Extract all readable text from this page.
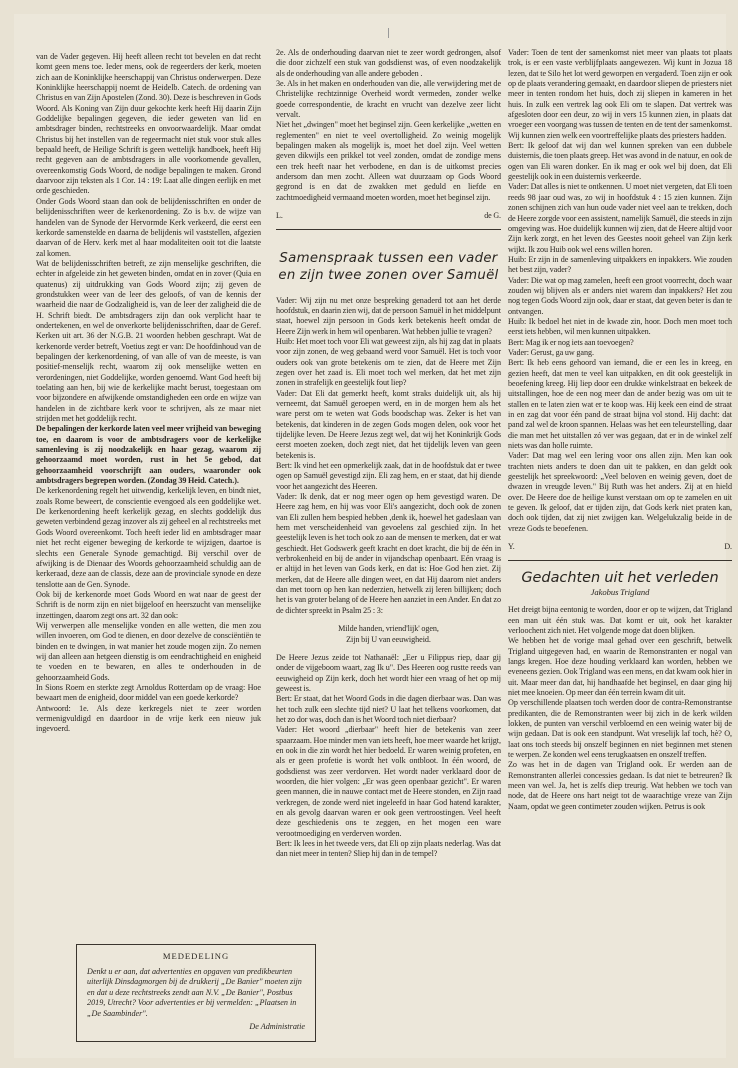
van de Vader gegeven. Hij heeft alleen recht tot bevelen en dat recht komt geen mens toe. Ieder mens, ook de regeerders der kerk, moeten zich aan de Koninklijke heerschappij van Christus onderwerpen. Deze Koninklijke heerschappij noemt de Heidelb. Catech. de ordening van Christus en van Zijn Apostelen (Zond. 30). Deze is beschreven in Gods Woord. Als Koning van Zijn duur gekochte kerk heeft Hij daarin Zijn Goddelijke bepalingen gegeven, die ieder geweten van lid en ambtsdrager binden, rechtstreeks en onvoorwaardelijk. Maar omdat Christus bij het instellen van de regeermacht niet stuk voor stuk alles bepaald heeft, de Heilige Schrift is geen wettelijk handboek, heeft Hij recht gegeven aan de ambtsdragers in alle voorkomende gevallen, overeenkomstig Gods Woord, de nodige bepalingen te maken. Grond daarvoor zijn teksten als 1 Cor. 14 : 19: Laat alle dingen eerlijk en met orde geschieden.

Onder Gods Woord staan dan ook de belijdenisschriften en onder de belijdenisschriften weer de kerkenordening. Zo is b.v. de wijze van handelen van de Synode der Hervormde Kerk verkeerd, die eerst een kerkorde samenstelde en daarna de belijdenis wil vaststellen, afgezien daarvan of de Herv. kerk met al haar modaliteiten ooit tot die laatste zal komen.

Wat de belijdenisschriften betreft, ze zijn menselijke geschriften, die echter in afgeleide zin het geweten binden, omdat en in zover (Quia en quatenus) zij uitdrukking van Gods Woord zijn; zij geven de grondstukken weer van de leer des geloofs, of van de kennis der waarheid die naar de Godzaligheid is, van de leer der zaligheid die de H. Schrift biedt. De ambtsdragers zijn dan ook verplicht haar te ondertekenen, en wel de onverkorte belijdenisschriften, daar de Geref. Kerken uit art. 36 der N.G.B. 21 woorden hebben geschrapt. Wat de kerkenorde verder betreft, Voetius zegt er van: De hoofdinhoud van de bepalingen der kerkenordening, of van alle of van de meeste, is van positief-menselijk recht, waarom zij ook menselijke wetten en verordeningen, niet Goddelijke, worden genoemd. Want God heeft bij toelating aan hen, bij wie de kerkelijke macht berust, toegestaan om voor bijzondere en afwijkende omstandigheden een orde en wijze van handelen in de zichtbare kerk voor te schrijven, als ze maar niet strijden met het goddelijk recht.

De bepalingen der kerkorde laten veel meer vrijheid van beweging toe, en daarom is voor de ambtsdragers voor de kerkelijke samenleving is zij noodzakelijk en haar gezag, waarom zij gehoorzaamd moet worden, rust in het 5e gebod, dat gehoorzaamheid voorschrijft aan ouders, waaronder ook ambtsdragers begrepen worden. (Zondag 39 Heid. Catech.).

De kerkenordening regelt het uitwendig, kerkelijk leven, en bindt niet, zoals Rome beweert, de conscientie evengoed als een goddelijke wet. De kerkenordening heeft kerkelijk gezag, en slechts goddelijk dus geweten verbindend gezag inzover als zij geheel en al rechtstreeks met Gods Woord overeenkomt. Toch heeft ieder lid en ambtsdrager maar niet het recht eigener beweging de kerkorde te wijzigen, daartoe is slechts een Generale Synode gemachtigd. Bij verschil over de afwijking is de Dienaar des Woords gehoorzaamheid schuldig aan de kerkeraad, deze aan de classis, deze aan de provinciale synode en deze tenslotte aan de Gen. Synode.

Ook bij de kerkenorde moet Gods Woord en wat naar de geest der Schrift is de norm zijn en niet bijgeloof en heerszucht van menselijke inzettingen, daarom zegt ons art. 32 dan ook:

Wij verwerpen alle menselijke vonden en alle wetten, die men zou willen invoeren, om God te dienen, en door dezelve de consciëntiën te binden en te dwingen, in wat manier het zoude mogen zijn. Zo nemen wij dan alleen aan hetgeen dienstig is om eendrachtigheid en enigheid te voeden en te bewaren, en alles te onderhouden in de gehoorzaamheid Gods.

In Sions Roem en sterkte zegt Arnoldus Rotterdam op de vraag: Hoe bewaart men de enigheid, door middel van een goede kerkorde?

Antwoord: 1e. Als deze kerkregels niet te zeer worden vermenigvuldigd en daardoor in de vrije kerk een nieuw juk ingevoerd.

MEDEDELING
Denkt u er aan, dat advertenties en opgaven van predikbeurten uiterlijk Dinsdagmorgen bij de drukkerij „De Banier" moeten zijn en dat u deze rechtstreeks zendt aan N.V. „De Banier", Postbus 2019, Utrecht? Voor advertenties er bij vermelden: „Plaatsen in „De Saambinder".
De Administratie

2e. Als de onderhouding daarvan niet te zeer wordt gedrongen, alsof die door zichzelf een stuk van godsdienst was, of even noodzakelijk als de onderhouding van alle andere geboden .

3e. Als in het maken en onderhouden van die, alle verwijdering met de Christelijke rechtzinnige Overheid wordt vermeden, zonder welke goede correspondentie, de kracht en vrucht van dezelve zeer licht vervalt.

Niet het „dwingen" moet het beginsel zijn. Geen kerkelijke „wetten en reglementen" en niet te veel overtolligheid. Zo weinig mogelijk bepalingen maken als mogelijk is, moet het doel zijn. Veel wetten geven dikwijls een prikkel tot veel zonden, omdat de zondige mens een trek heeft naar het verbodene, en dan is de uitkomst precies andersom dan men zocht. Alleen wat duurzaam op Gods Woord gegrond is en dat de zwakken met geduld en liefde en zachtmoedigheid vermaand moeten worden, moet het beginsel zijn.

L.	de G.
Samenspraak tussen een vader en zijn twee zonen over Samuël

Vader: Wij zijn nu met onze bespreking genaderd tot aan het derde hoofdstuk, en daarin zien wij, dat de persoon Samuël in het middelpunt staat, hoewel zijn persoon in Gods kerk betekenis heeft omdat de Heere Zijn werk in hem wil openbaren. Wat hebben jullie te vragen?

Huib: Het moet toch voor Eli wat geweest zijn, als hij zag dat in plaats voor zijn zonen, de weg gebaand werd voor Samuël. Het is toch voor ouders ook van grote betekenis om te zien, dat de Heere met Zijn zegen over het zaad is. Eli moet toch wel merken, dat het met zijn zonen in strafelijk en geestelijk fout liep?

Vader: Dat Eli dat gemerkt heeft, komt straks duidelijk uit, als hij verneemt, dat Samuël geroepen werd, en in de morgen hem als het ware perst om te weten wat Gods boodschap was. Zeker is het van betekenis, dat kinderen in de zegen Gods mogen delen, ook voor het tijdelijke leven. De Heere Jezus zegt wel, dat wij het Koninkrijk Gods eerst moeten zoeken, doch zegt niet, dat het tijdelijk leven van geen betekenis is.

Bert: Ik vind het een opmerkelijk zaak, dat in de hoofdstuk dat er twee ogen op Samuël gevestigd zijn. Eli zag hem, en er staat, dat hij diende voor het aangezicht des Heeren.

Vader: Ik denk, dat er nog meer ogen op hem gevestigd waren. De Heere zag hem, en hij was voor Eli's aangezicht, doch ook de zonen van Eli zullen hem bespied hebben ,denk ik, hoewel het gadeslaan van hem met verscheidenheid van gevoelens zal geschied zijn. In het geestelijk leven is het toch ook zo aan de mensen te merken, dat er wat geschiedt. Het Godswerk geeft kracht en doet kracht, die bij de één in verbrokenheid en bij de ander in vijandschap openbaart. Eén vraag is er altijd in het leven van Gods kerk, en dat is: Hoe God hen ziet. Zij merken, dat de Heere alle dingen weet, en dat Hij daarom niet anders dan met toorn op hen kan nederzien, hetwelk zij leren billijken; doch het is van groter belang of de Heere hen aanziet in een Ander. En dat zo de dichter spreekt in Psalm 25 : 3:

Milde handen, vriend'lijk' ogen,
Zijn bij U van eeuwigheid.

De Heere Jezus zeide tot Nathanaël: „Eer u Filippus riep, daar gij onder de vijgeboom waart, zag Ik u". Des Heeren oog rustte reeds van eeuwigheid op Zijn kerk, doch het wordt hier een vraag of het op mij geweest is.

Bert: Er staat, dat het Woord Gods in die dagen dierbaar was. Dan was het toch zulk een slechte tijd niet? U laat het telkens voorkomen, dat het zo dor was, doch dan is het Woord toch niet dierbaar?

Vader: Het woord „dierbaar" heeft hier de betekenis van zeer spaarzaam. Hoe minder men van iets heeft, hoe meer waarde het krijgt, en ook in die zin wordt het hier bedoeld. Er waren weinig profeten, en als er geen profetie is wordt het volk ontbloot. In één woord, de godsdienst was zeer verdorven. Het wordt nader verklaard door de woorden, die hier volgen: „Er was geen openbaar gezicht". Er waren geen mannen, die in nauwe contact met de Heere stonden, en Zijn raad verkregen, de zonde werd niet ingeleefd in haar God hatend karakter, en als gevolg daarvan waren er ook geen vertroostingen. Veel heeft deze geschiedenis ons te zeggen, en het mogen een ware verootmoediging en verderven worden.

Bert: Ik lees in het tweede vers, dat Eli op zijn plaats nederlag. Was dat dan niet meer in tenten? Sliep hij dan in de tempel?

Vader: Toen de tent der samenkomst niet meer van plaats tot plaats trok, is er een vaste verblijfplaats aangewezen. Wij kunt in Jozua 18 lezen, dat te Silo het lot werd geworpen en vergaderd. Toen zijn er ook op de plaats verandering gemaakt, en daardoor sliepen de priesters niet meer in tenten rondom het huis, doch zij sliepen in kameren in het huis. In zulk een vertrek lag ook Eli om te slapen. Dat vertrek was afgesloten door een deur, zo wij in vers 15 kunnen zien, in plaats dat vroeger een voorgang was tussen de tenten en de tent der samenkomst. Wij kunnen zien welk een voortreffelijke plaats des priesters hadden.

Bert: Ik geloof dat wij dan wel kunnen spreken van een dubbele duisternis, die toen plaats greep. Het was avond in de natuur, en ook de ogen van Eli waren donker. En ik mag er ook wel bij doen, dat Eli geestelijk ook in een duisternis verkeerde.

Vader: Dat alles is niet te ontkennen. U moet niet vergeten, dat Eli toen reeds 98 jaar oud was, zo wij in hoofdstuk 4 : 15 zien kunnen. Zijn zonen schijnen zich van hun oude vader niet veel aan te trekken, doch de Heere zorgde voor een assistent, namelijk Samuël, die steeds in zijn omgeving was. Hoe duidelijk kunnen wij zien, dat de Heere altijd voor Zijn kerk zorgt, en het leven des Geestes nooit geheel van Zijn kerk wijkt. Ik zou Huib ook wel eens willen horen.

Huib: Er zijn in de samenleving uitpakkers en inpakkers. Wie zouden het best zijn, vader?

Vader: Die wat op mag zamelen, heeft een groot voorrecht, doch waar zouden wij blijven als er anders niet warem dan inpakkers? Het zou nog tegen Gods Woord zijn ook, daar er staat, dat geven beter is dan te ontvangen.

Huib: Ik bedoel het niet in de kwade zin, hoor. Doch men moet toch eerst iets hebben, wil men kunnen uitpakken.

Bert: Mag ik er nog iets aan toevoegen?

Vader: Gerust, ga uw gang.

Bert: Ik heb eens gehoord van iemand, die er een les in kreeg, en gezien heeft, dat men te veel kan uitpakken, en dit ook geestelijk in beoefening kreeg. Hij liep door een drukke winkelstraat en bekeek de uitstallingen, hoe de een nog meer dan de ander bezig was om uit te stallen en te laten zien wat er te koop was. Hij keek een eind de straat in en zag dat voor één pand de straat bijna vol stond. Hij dacht: dat pand zal wel de kroon spannen. Helaas was het een teleurstelling, daar die man met het uitstallen zó ver was gegaan, dat er in de winkel zelf niets was dan holle ruimte.

Vader: Dat mag wel een lering voor ons allen zijn. Men kan ook trachten niets anders te doen dan uit te pakken, en dan geldt ook geestelijk het spreekwoord: „Veel beloven en weinig geven, doet de dwazen in vreugde leven." Bij Ruth was het anders. Zij at en hield over. De Heere doe de heilige kunst verstaan om op te zamelen en uit te geven. Ik geloof, dat er tijden zijn, dat Gods kerk niet praten kan, doch ook tijden, dat zij niet zwijgen kan. Welgelukzalig beide in de vreze Gods te beoefenen.

Y.	D.
Gedachten uit het verleden
Jakobus Trigland

Het dreigt bijna eentonig te worden, door er op te wijzen, dat Trigland een man uit één stuk was. Dat komt er uit, ook het karakter verloochent zich niet. Het volgende moge dat doen blijken.

We hebben het de vorige maal gehad over een geschrift, betwelk Trigland uitgegeven had, en waarin de Remonstranten er nogal van langs kregen. Hoe deze houding verklaard kan worden, hebben we eveneens gezien. Ook Trigland was een mens, en dat kwam ook hier in uit. Maar meer dan dat, hij handhaafde het beginsel, en daar ging hij niet mee knoeien. Op meer dan één terrein kwam dit uit.

Op verschillende plaatsen toch werden door de contra-Remonstrantse predikanten, die de Remonstranten weer bij zich in de kerk wilden lokken, de punten van verschil verbloemd en een weinig water bij de wijn gedaan. Dat is ook een standpunt. Wat vreselijk laf toch, hè? O, laat ons toch steeds bij onszelf beginnen en niet beginnen met stenen te werpen. Ze konden wel eens terugkaatsen en onszelf treffen.

Zo was het in de dagen van Trigland ook. Er werden aan de Remonstranten allerlei concessies gedaan. Is dat niet te betreuren? Ik meen van wel. Ja, het is zelfs diep treurig. Wat hebben we toch van node, dat de Heere ons hart neigt tot de waarachtige vreze van Zijn Naam, opdat we geen contimeter zouden wijken. Petrus is ook
